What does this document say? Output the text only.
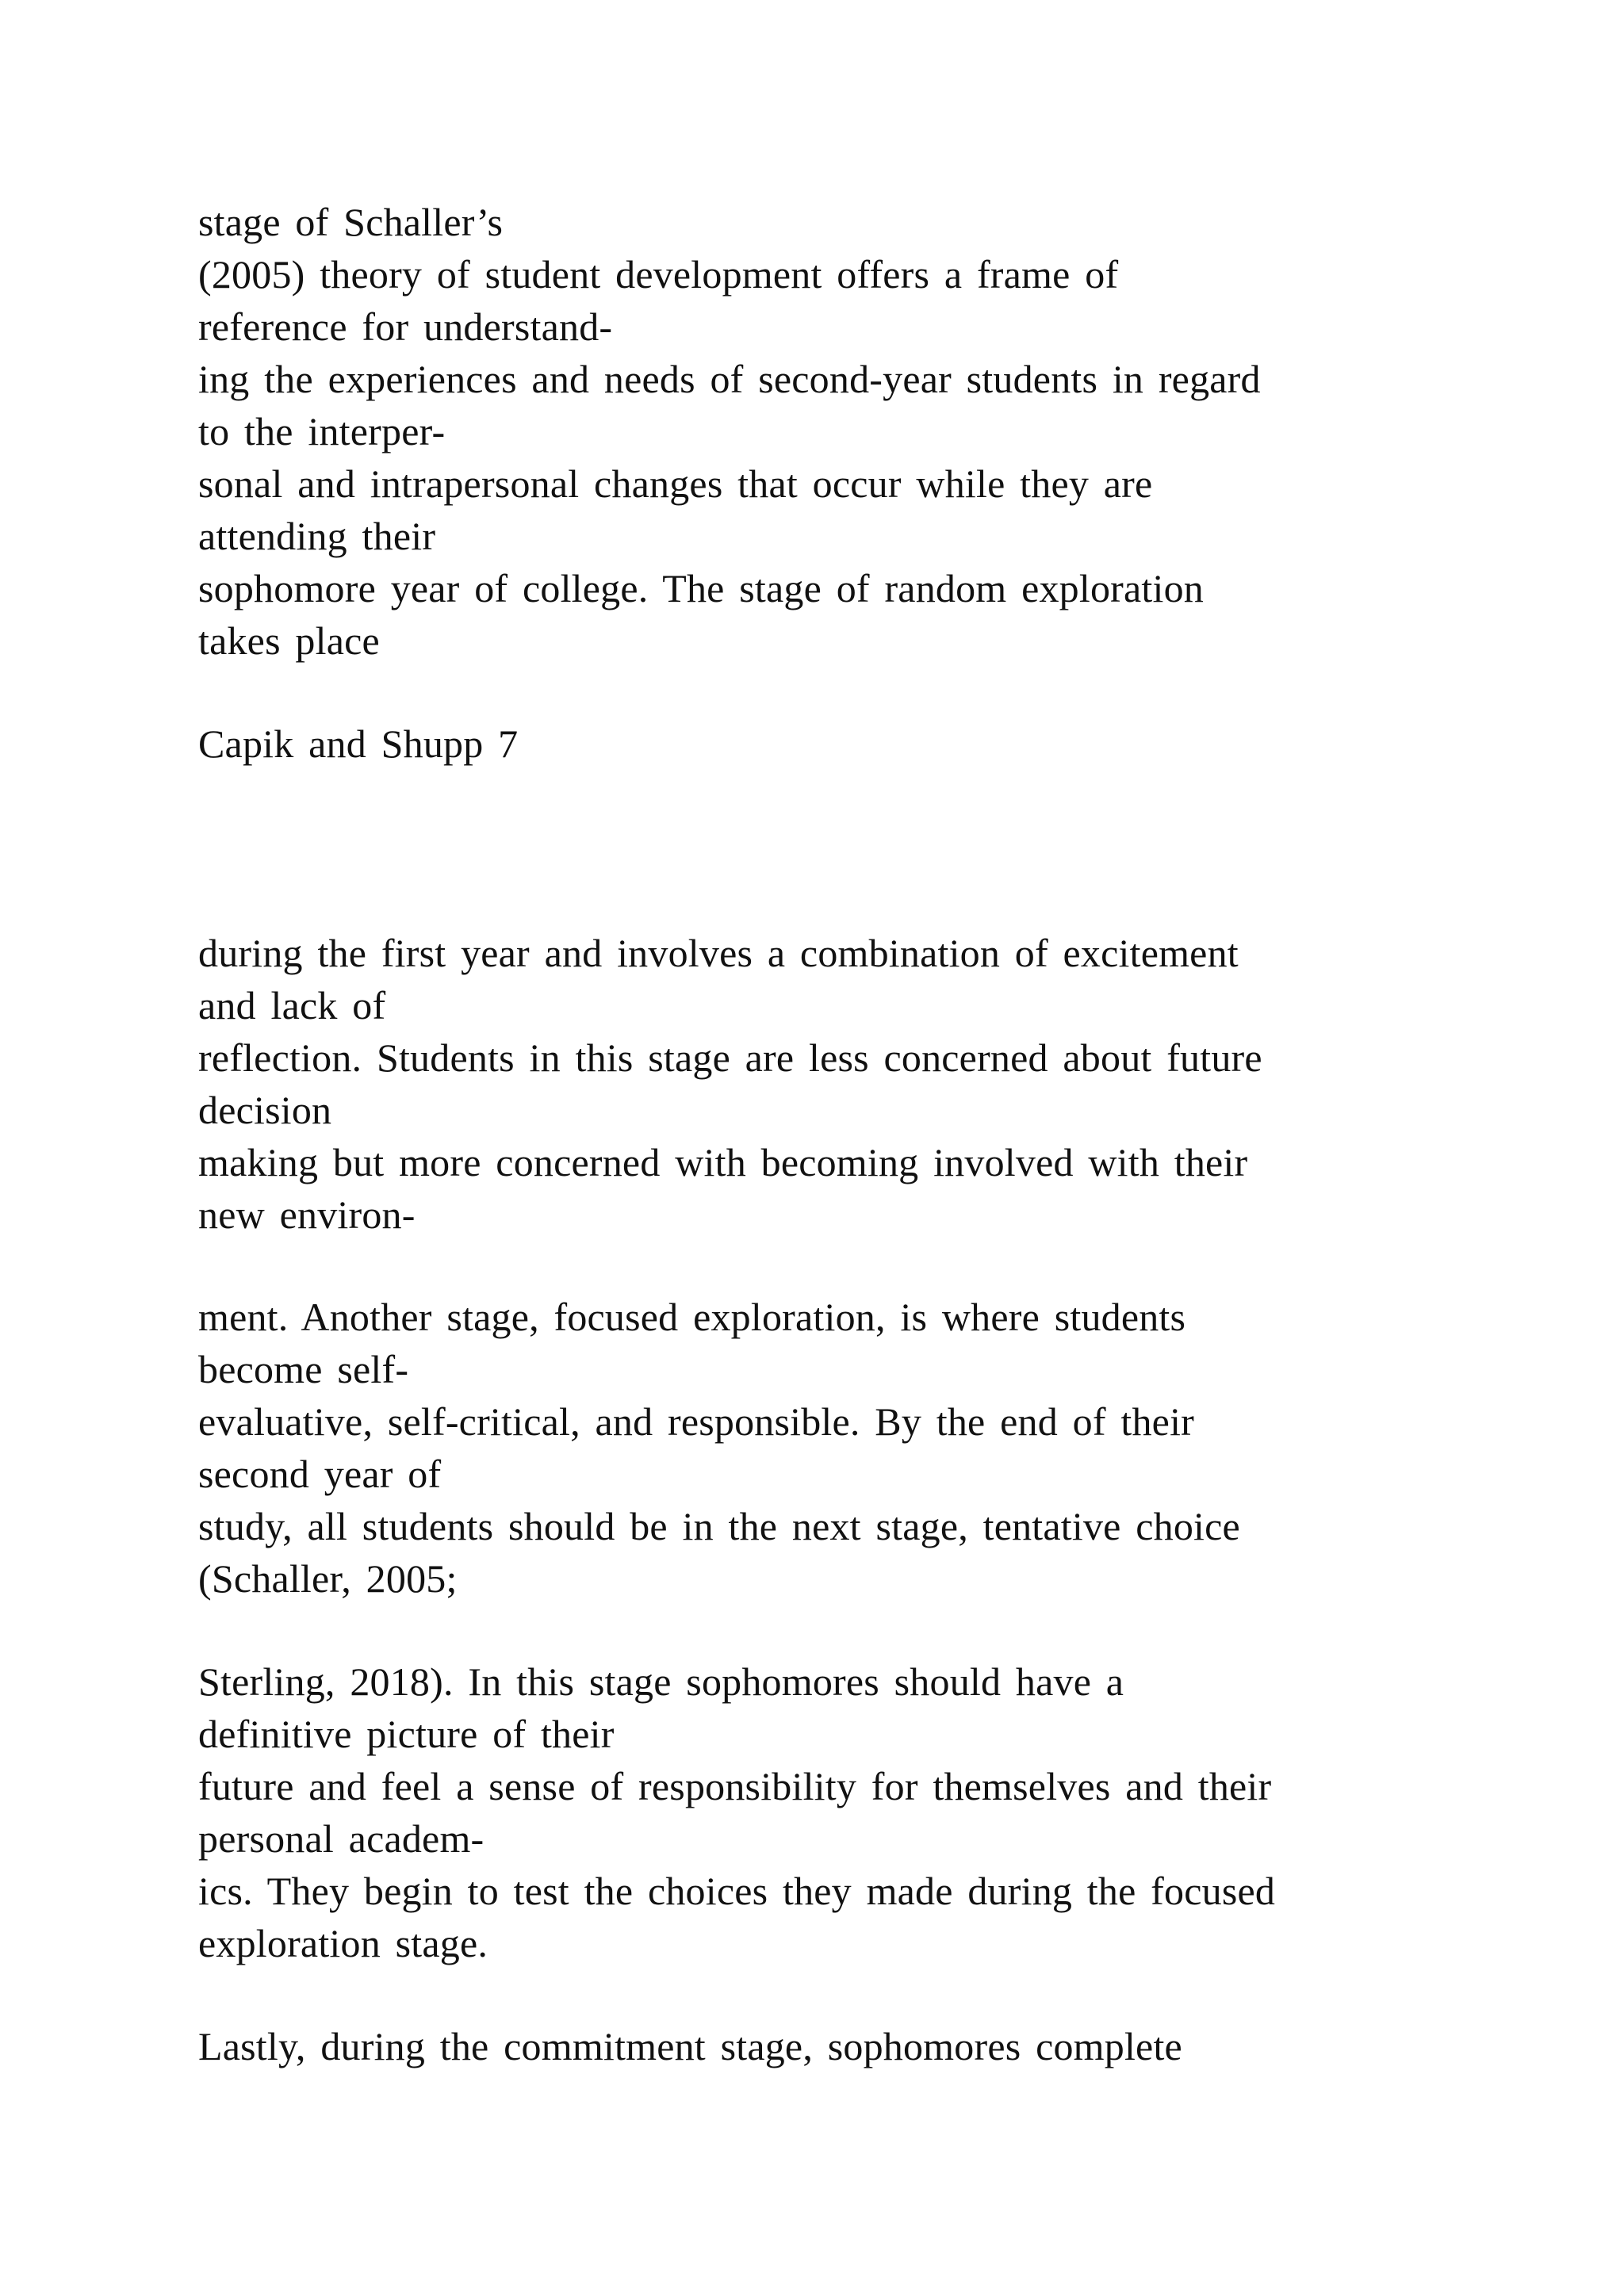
stage of Schaller’s
(2005) theory of student development offers a frame of
reference for understand-
ing the experiences and needs of second-year students in regard
to the interper-
sonal and intrapersonal changes that occur while they are
attending their
sophomore year of college. The stage of random exploration
takes place
Capik and Shupp 7
during the first year and involves a combination of excitement
and lack of
reflection. Students in this stage are less concerned about future
decision
making but more concerned with becoming involved with their
new environ-
ment. Another stage, focused exploration, is where students
become self-
evaluative, self-critical, and responsible. By the end of their
second year of
study, all students should be in the next stage, tentative choice
(Schaller, 2005;
Sterling, 2018). In this stage sophomores should have a
definitive picture of their
future and feel a sense of responsibility for themselves and their
personal academ-
ics. They begin to test the choices they made during the focused
exploration stage.
Lastly, during the commitment stage, sophomores complete
